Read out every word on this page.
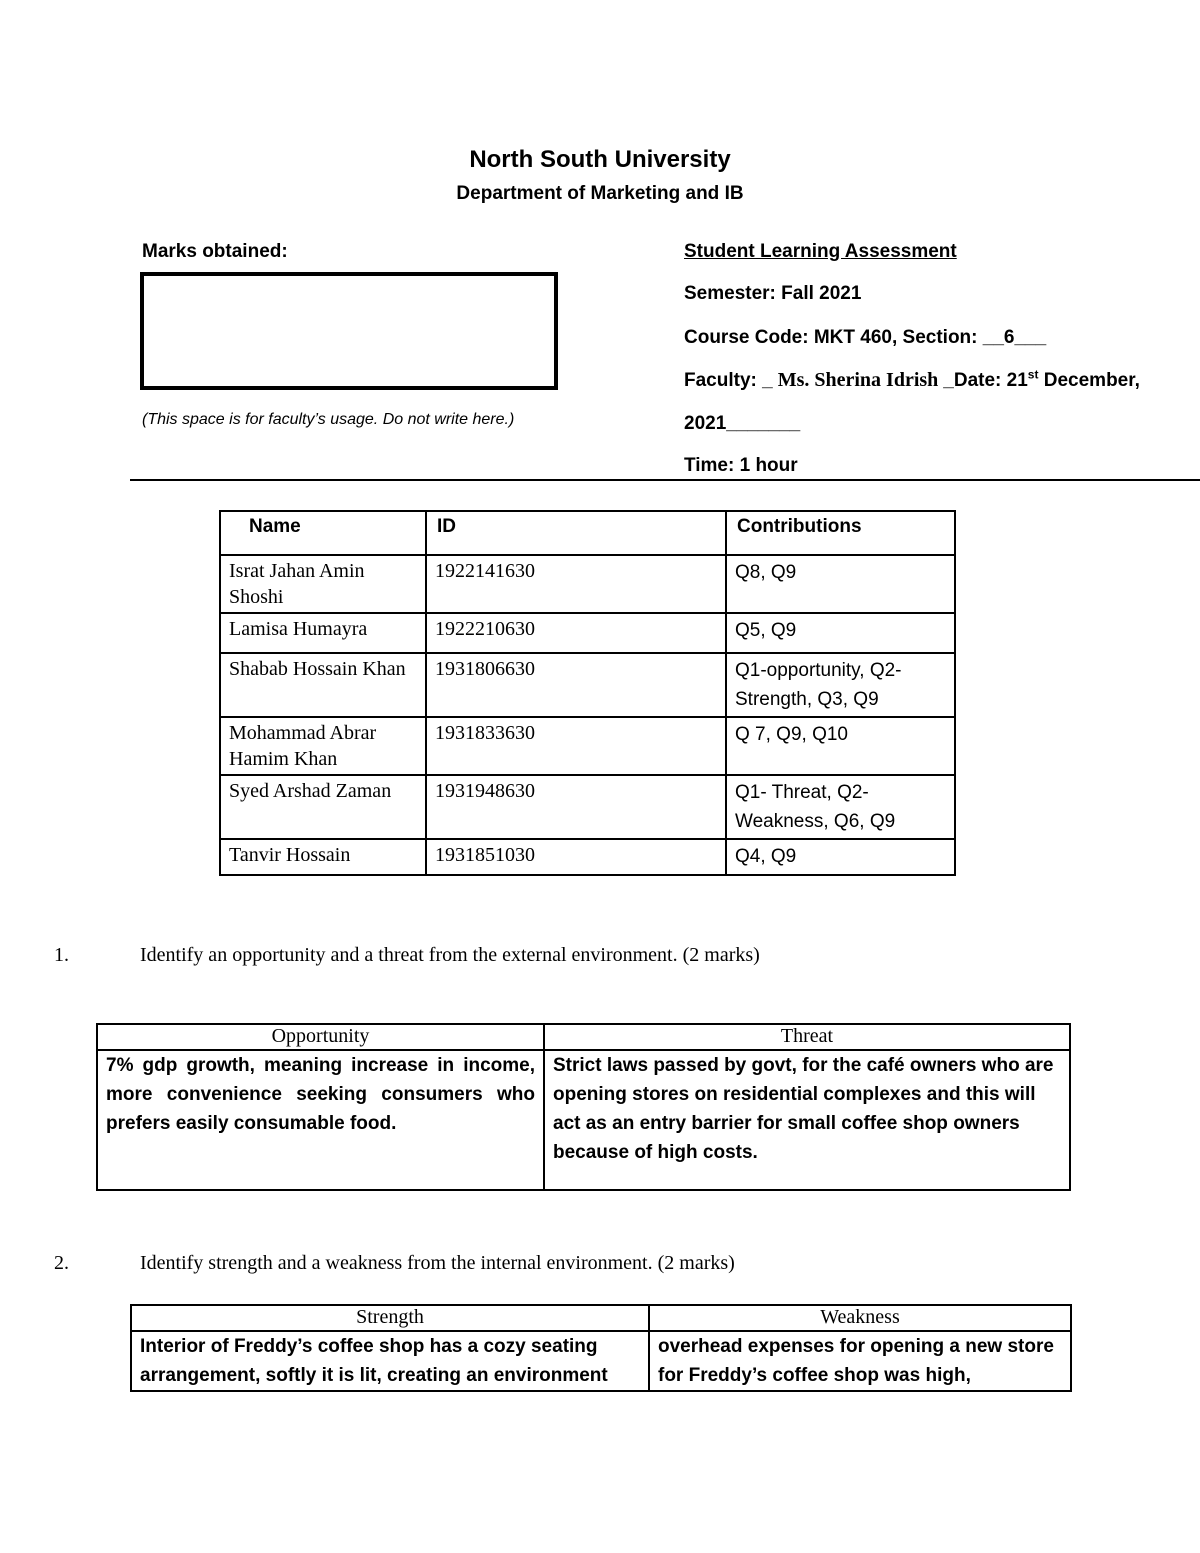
North South University
Department of Marketing and IB
Marks obtained:
(This space is for faculty’s usage. Do not write here.)
Student Learning Assessment
Semester: Fall 2021
Course Code: MKT 460, Section: __6___
Faculty: _ Ms. Sherina Idrish _Date: 21st December,
2021_______
Time: 1 hour
Name	ID	Contributions
Israt Jahan Amin Shoshi	1922141630	Q8, Q9
Lamisa Humayra	1922210630	Q5, Q9
Shabab Hossain Khan	1931806630	Q1-opportunity, Q2-Strength, Q3, Q9
Mohammad Abrar Hamim Khan	1931833630	Q 7, Q9, Q10
Syed Arshad Zaman	1931948630	Q1- Threat, Q2-Weakness, Q6, Q9
Tanvir Hossain	1931851030	Q4, Q9
1.	Identify an opportunity and a threat from the external environment. (2 marks)
Opportunity	Threat
7% gdp growth, meaning increase in income, more convenience seeking consumers who prefers easily consumable food.	Strict laws passed by govt, for the café owners who are opening stores on residential complexes and this will act as an entry barrier for small coffee shop owners because of high costs.
2.	Identify strength and a weakness from the internal environment. (2 marks)
Strength	Weakness
Interior of Freddy’s coffee shop has a cozy seating arrangement, softly it is lit, creating an environment	overhead expenses for opening a new store for Freddy’s coffee shop was high,
